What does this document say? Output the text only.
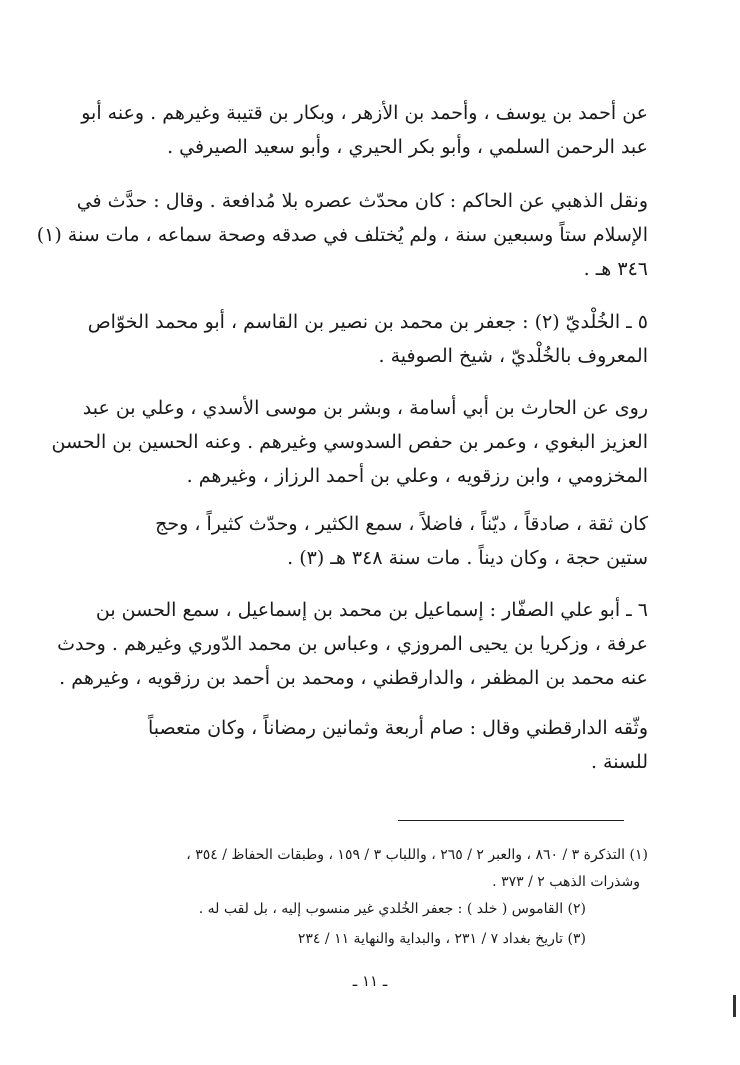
عن أحمد بن يوسف ، وأحمد بن الأزهر ، وبكار بن قتيبة وغيرهم . وعنه أبو
عبد الرحمن السلمي ، وأبو بكر الحيري ، وأبو سعيد الصيرفي .
ونقل الذهبي عن الحاكم : كان محدّث عصره بلا مُدافعة . وقال : حدَّث في
الإسلام ستاً وسبعين سنة ، ولم يُختلف في صدقه وصحة سماعه ، مات سنة (١)
٣٤٦ هـ .
٥ ـ الخُلْديّ (٢) : جعفر بن محمد بن نصير بن القاسم ، أبو محمد الخوّاص
المعروف بالخُلْديّ ، شيخ الصوفية .
روى عن الحارث بن أبي أسامة ، وبشر بن موسى الأسدي ، وعلي بن عبد
العزيز البغوي ، وعمر بن حفص السدوسي وغيرهم . وعنه الحسين بن الحسن
المخزومي ، وابن رزقويه ، وعلي بن أحمد الرزاز ، وغيرهم .
كان ثقة ، صادقاً ، ديّناً ، فاضلاً ، سمع الكثير ، وحدّث كثيراً ، وحج
ستين حجة ، وكان ديناً . مات سنة ٣٤٨ هـ (٣) .
٦ ـ أبو علي الصفّار : إسماعيل بن محمد بن إسماعيل ، سمع الحسن بن
عرفة ، وزكريا بن يحيى المروزي ، وعباس بن محمد الدّوري وغيرهم . وحدث
عنه محمد بن المظفر ، والدارقطني ، ومحمد بن أحمد بن رزقويه ، وغيرهم .
وثّقه الدارقطني وقال : صام أربعة وثمانين رمضاناً ، وكان متعصباً
للسنة .
(١) التذكرة ٣ / ٨٦٠ ، والعبر ٢ / ٢٦٥ ، واللباب ٣ / ١٥٩ ، وطبقات الحفاظ / ٣٥٤ ،
وشذرات الذهب ٢ / ٣٧٣ .
(٢) القاموس ( خلد ) : جعفر الخُلدي غير منسوب إليه ، بل لقب له .
(٣) تاريخ بغداد ٧ / ٢٣١ ، والبداية والنهاية ١١ / ٢٣٤
ـ ١١ ـ
